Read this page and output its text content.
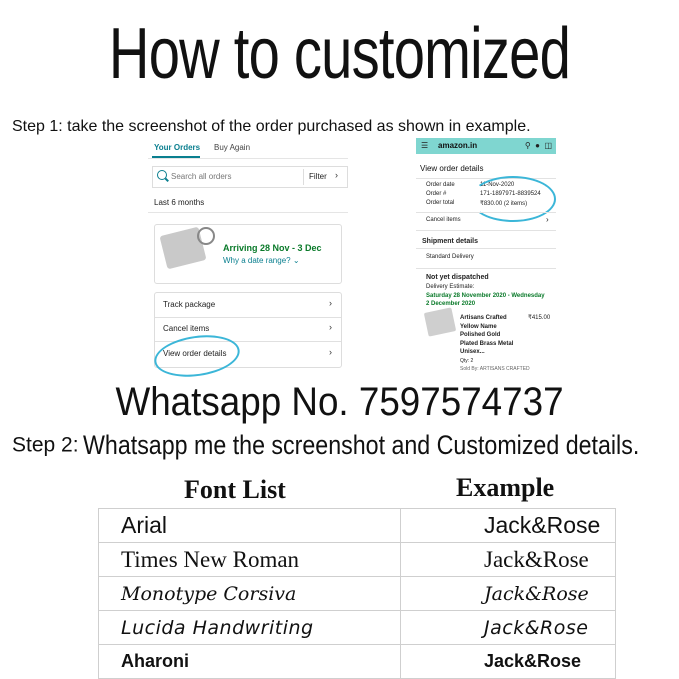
How to customized
Step 1: take the screenshot of the order purchased as shown in example.
Your Orders Buy Again
Search all orders	Filter ›
Last 6 months
Arriving 28 Nov - 3 Dec
Why a date range? ⌄
Track package	›
Cancel items	›
View order details	›
☰ amazon.in	⚲ ● ◫
View order details
Order date	11-Nov-2020
Order #	171-1897971-8839524
Order total	₹830.00 (2 items)
Cancel items	›
Shipment details
Standard Delivery
Not yet dispatched
Delivery Estimate:
Saturday 28 November 2020 - Wednesday
2 December 2020
Artisans Crafted
Yellow Name
Polished Gold
Plated Brass Metal
Unisex...
₹415.00
Qty: 2
Sold By: ARTISANS CRAFTED
Whatsapp No. 7597574737
Step 2: Whatsapp me the screenshot and Customized details.
Font List	Example
Arial	Jack&Rose
Times New Roman	Jack&Rose
Monotype Corsiva	Jack&Rose
Lucida Handwriting	Jack&Rose
Aharoni	Jack&Rose
